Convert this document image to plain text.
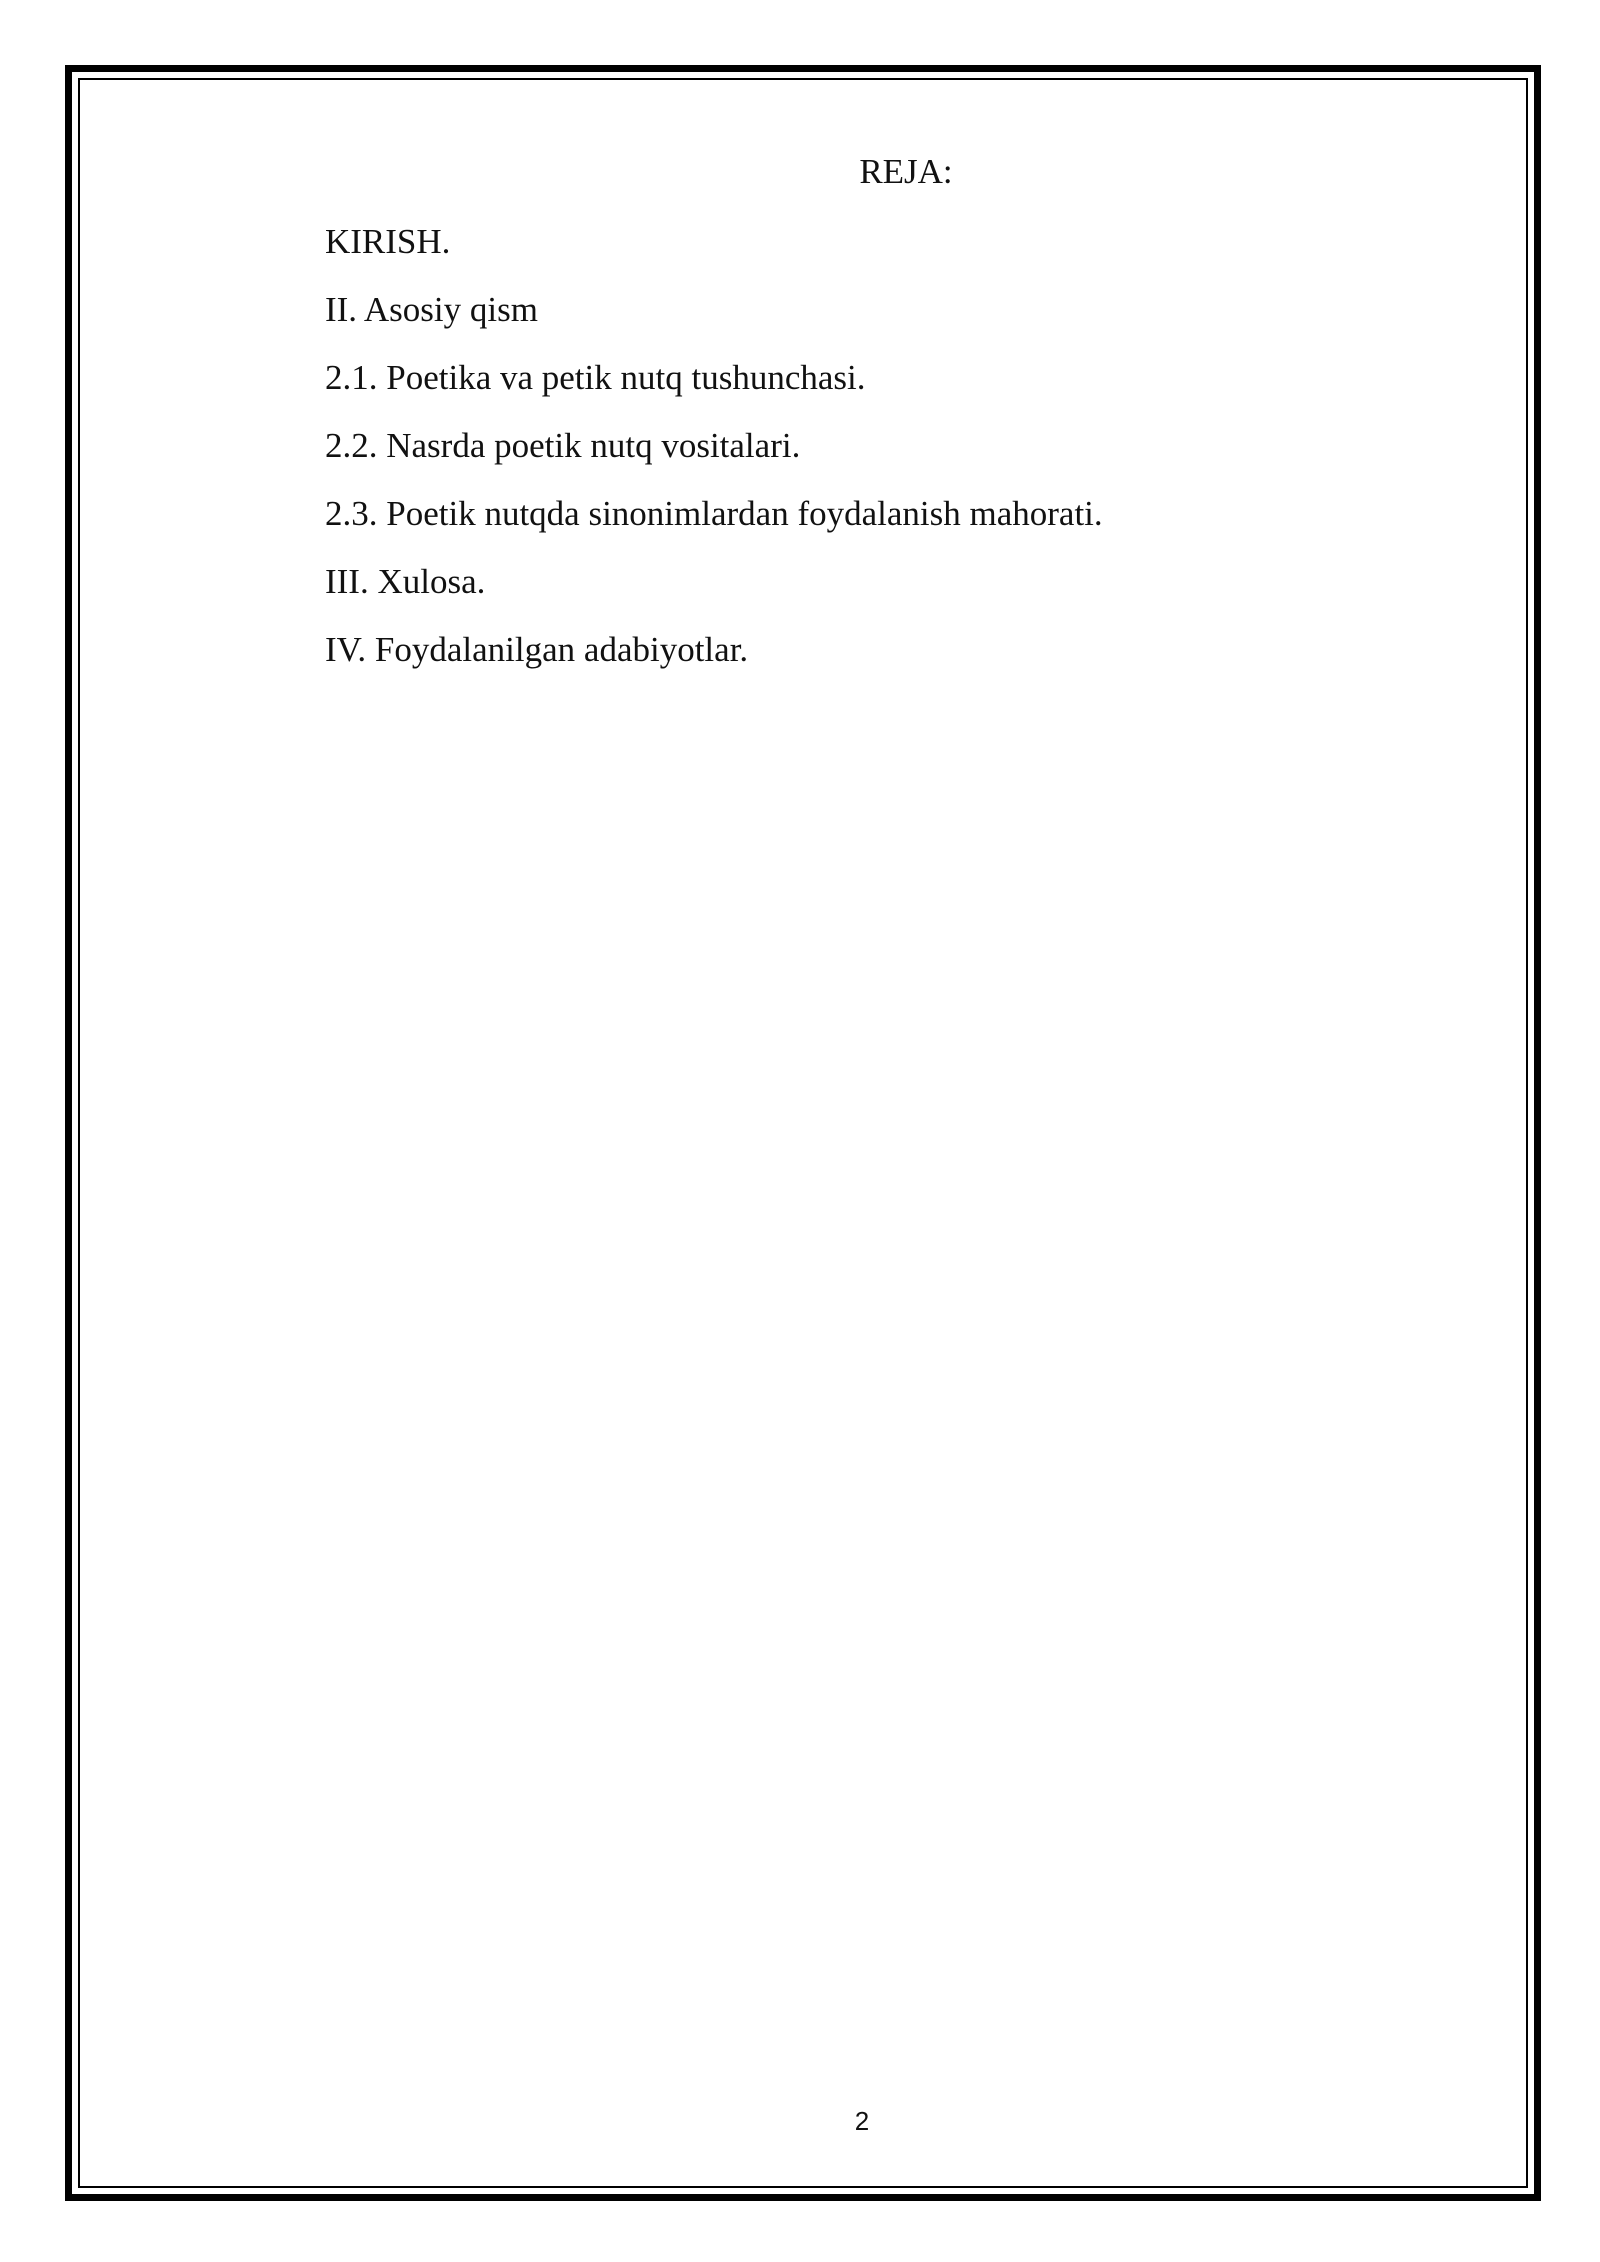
REJA:
KIRISH.
II. Asosiy qism
2.1. Poetika va petik nutq tushunchasi.
2.2. Nasrda poetik nutq vositalari.
2.3. Poetik nutqda sinonimlardan foydalanish mahorati.
III. Xulosa.
IV. Foydalanilgan adabiyotlar.
2
